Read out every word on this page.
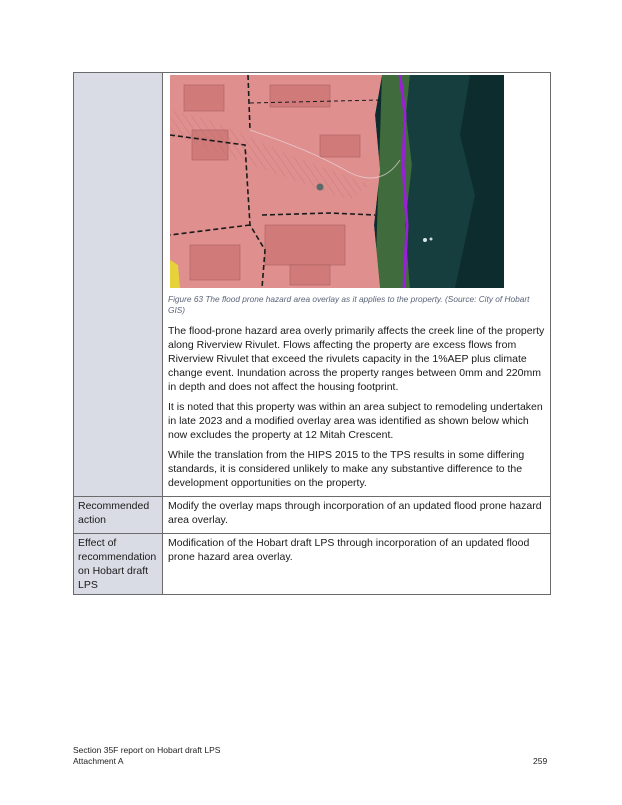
Figure 63 The flood prone hazard area overlay as it applies to the property. (Source: City of Hobart GIS)

The flood-prone hazard area overly primarily affects the creek line of the property along Riverview Rivulet. Flows affecting the property are excess flows from Riverview Rivulet that exceed the rivulets capacity in the 1%AEP plus climate change event. Inundation across the property ranges between 0mm and 220mm in depth and does not affect the housing footprint.

It is noted that this property was within an area subject to remodeling undertaken in late 2023 and a modified overlay area was identified as shown below which now excludes the property at 12 Mitah Crescent.

While the translation from the HIPS 2015 to the TPS results in some differing standards, it is considered unlikely to make any substantive difference to the development opportunities on the property.

Recommended action
Modify the overlay maps through incorporation of an updated flood prone hazard area overlay.
Effect of recommendation on Hobart draft LPS
Modification of the Hobart draft LPS through incorporation of an updated flood prone hazard area overlay.
Section 35F report on Hobart draft LPS
Attachment A	259
